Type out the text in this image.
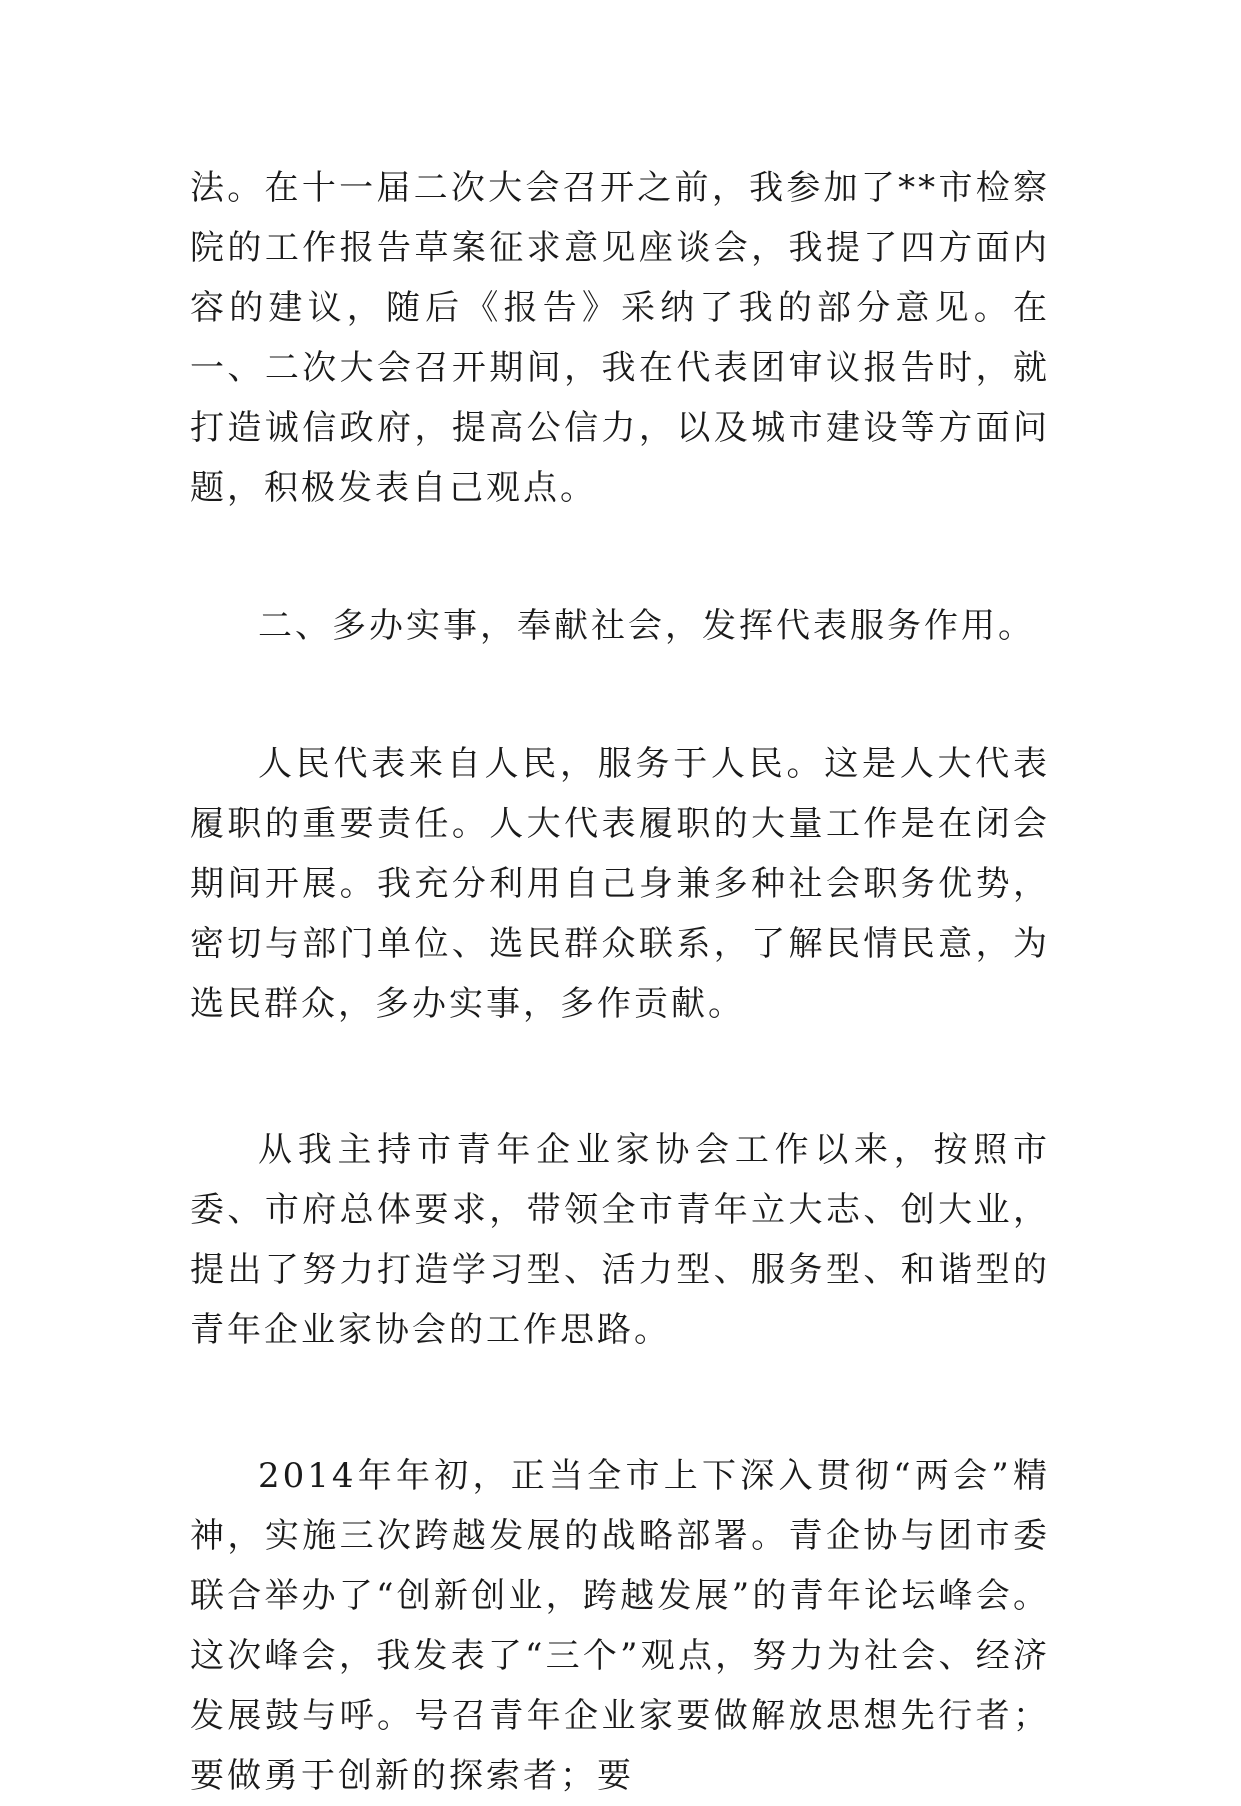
法。在十一届二次大会召开之前，我参加了**市检察院的工作报告草案征求意见座谈会，我提了四方面内容的建议，随后《报告》采纳了我的部分意见。在一、二次大会召开期间，我在代表团审议报告时，就打造诚信政府，提高公信力，以及城市建设等方面问题，积极发表自己观点。

二、多办实事，奉献社会，发挥代表服务作用。

人民代表来自人民，服务于人民。这是人大代表履职的重要责任。人大代表履职的大量工作是在闭会期间开展。我充分利用自己身兼多种社会职务优势，密切与部门单位、选民群众联系，了解民情民意，为选民群众，多办实事，多作贡献。

从我主持市青年企业家协会工作以来，按照市委、市府总体要求，带领全市青年立大志、创大业，提出了努力打造学习型、活力型、服务型、和谐型的青年企业家协会的工作思路。

2014年年初，正当全市上下深入贯彻“两会”精神，实施三次跨越发展的战略部署。青企协与团市委联合举办了“创新创业，跨越发展”的青年论坛峰会。这次峰会，我发表了“三个”观点，努力为社会、经济发展鼓与呼。号召青年企业家要做解放思想先行者；要做勇于创新的探索者；要
